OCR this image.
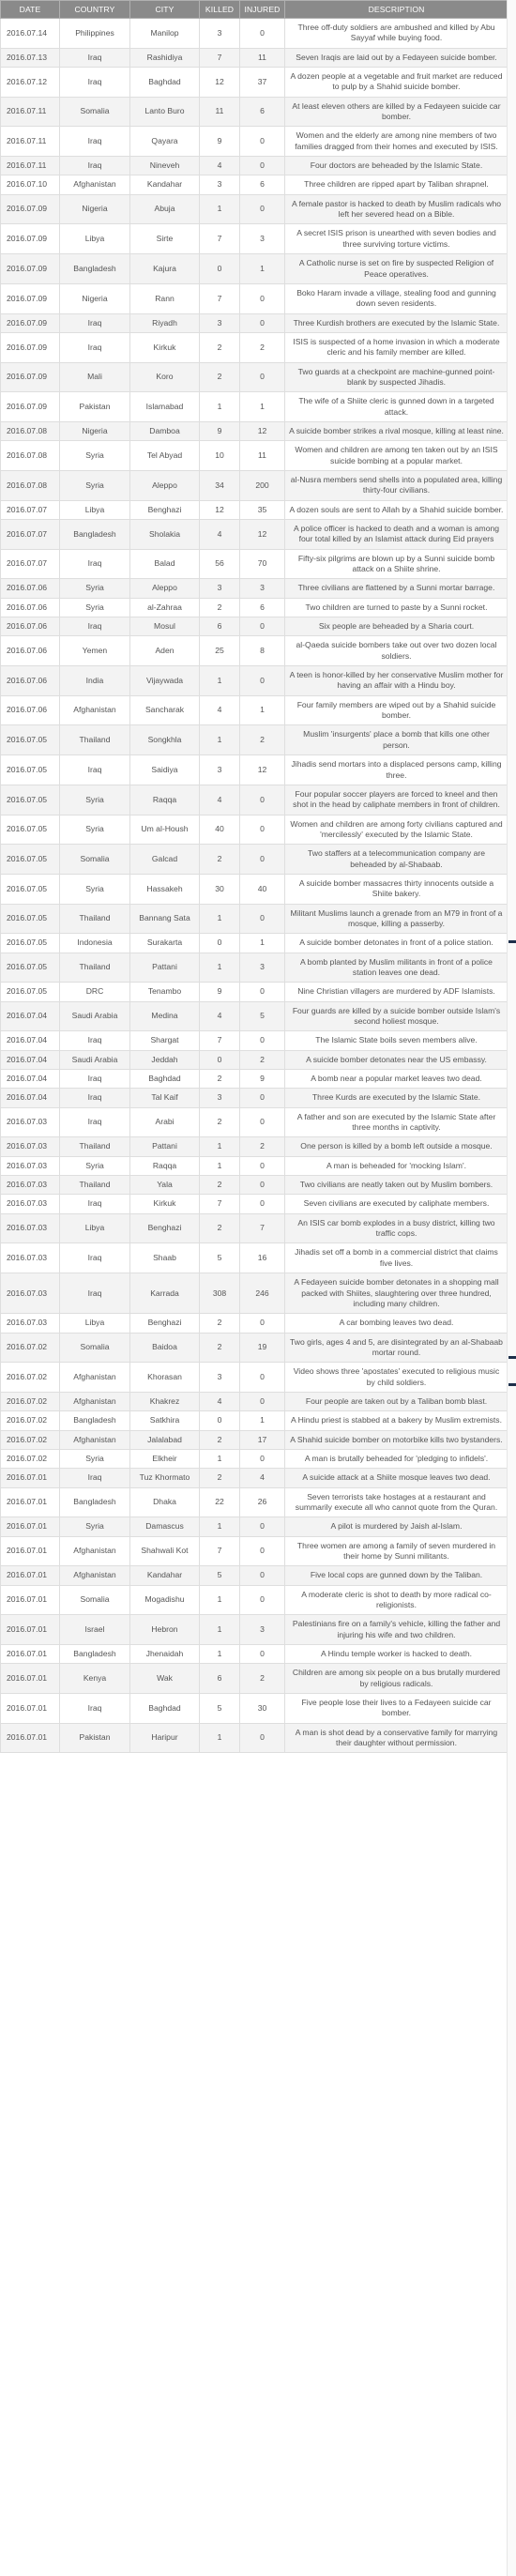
DATE	COUNTRY	CITY	KILLED	INJURED	DESCRIPTION
2016.07.14	Philippines	Manilop	3	0	Three off-duty soldiers are ambushed and killed by Abu Sayyaf while buying food.
2016.07.13	Iraq	Rashidiya	7	11	Seven Iraqis are laid out by a Fedayeen suicide bomber.
2016.07.12	Iraq	Baghdad	12	37	A dozen people at a vegetable and fruit market are reduced to pulp by a Shahid suicide bomber.
2016.07.11	Somalia	Lanto Buro	11	6	At least eleven others are killed by a Fedayeen suicide car bomber.
2016.07.11	Iraq	Qayara	9	0	Women and the elderly are among nine members of two families dragged from their homes and executed by ISIS.
2016.07.11	Iraq	Nineveh	4	0	Four doctors are beheaded by the Islamic State.
2016.07.10	Afghanistan	Kandahar	3	6	Three children are ripped apart by Taliban shrapnel.
2016.07.09	Nigeria	Abuja	1	0	A female pastor is hacked to death by Muslim radicals who left her severed head on a Bible.
2016.07.09	Libya	Sirte	7	3	A secret ISIS prison is unearthed with seven bodies and three surviving torture victims.
2016.07.09	Bangladesh	Kajura	0	1	A Catholic nurse is set on fire by suspected Religion of Peace operatives.
2016.07.09	Nigeria	Rann	7	0	Boko Haram invade a village, stealing food and gunning down seven residents.
2016.07.09	Iraq	Riyadh	3	0	Three Kurdish brothers are executed by the Islamic State.
2016.07.09	Iraq	Kirkuk	2	2	ISIS is suspected of a home invasion in which a moderate cleric and his family member are killed.
2016.07.09	Mali	Koro	2	0	Two guards at a checkpoint are machine-gunned point-blank by suspected Jihadis.
2016.07.09	Pakistan	Islamabad	1	1	The wife of a Shiite cleric is gunned down in a targeted attack.
2016.07.08	Nigeria	Damboa	9	12	A suicide bomber strikes a rival mosque, killing at least nine.
2016.07.08	Syria	Tel Abyad	10	11	Women and children are among ten taken out by an ISIS suicide bombing at a popular market.
2016.07.08	Syria	Aleppo	34	200	al-Nusra members send shells into a populated area, killing thirty-four civilians.
2016.07.07	Libya	Benghazi	12	35	A dozen souls are sent to Allah by a Shahid suicide bomber.
2016.07.07	Bangladesh	Sholakia	4	12	A police officer is hacked to death and a woman is among four total killed by an Islamist attack during Eid prayers
2016.07.07	Iraq	Balad	56	70	Fifty-six pilgrims are blown up by a Sunni suicide bomb attack on a Shiite shrine.
2016.07.06	Syria	Aleppo	3	3	Three civilians are flattened by a Sunni mortar barrage.
2016.07.06	Syria	al-Zahraa	2	6	Two children are turned to paste by a Sunni rocket.
2016.07.06	Iraq	Mosul	6	0	Six people are beheaded by a Sharia court.
2016.07.06	Yemen	Aden	25	8	al-Qaeda suicide bombers take out over two dozen local soldiers.
2016.07.06	India	Vijaywada	1	0	A teen is honor-killed by her conservative Muslim mother for having an affair with a Hindu boy.
2016.07.06	Afghanistan	Sancharak	4	1	Four family members are wiped out by a Shahid suicide bomber.
2016.07.05	Thailand	Songkhla	1	2	Muslim 'insurgents' place a bomb that kills one other person.
2016.07.05	Iraq	Saidiya	3	12	Jihadis send mortars into a displaced persons camp, killing three.
2016.07.05	Syria	Raqqa	4	0	Four popular soccer players are forced to kneel and then shot in the head by caliphate members in front of children.
2016.07.05	Syria	Um al-Housh	40	0	Women and children are among forty civilians captured and 'mercilessly' executed by the Islamic State.
2016.07.05	Somalia	Galcad	2	0	Two staffers at a telecommunication company are beheaded by al-Shabaab.
2016.07.05	Syria	Hassakeh	30	40	A suicide bomber massacres thirty innocents outside a Shiite bakery.
2016.07.05	Thailand	Bannang Sata	1	0	Militant Muslims launch a grenade from an M79 in front of a mosque, killing a passerby.
2016.07.05	Indonesia	Surakarta	0	1	A suicide bomber detonates in front of a police station.
2016.07.05	Thailand	Pattani	1	3	A bomb planted by Muslim militants in front of a police station leaves one dead.
2016.07.05	DRC	Tenambo	9	0	Nine Christian villagers are murdered by ADF Islamists.
2016.07.04	Saudi Arabia	Medina	4	5	Four guards are killed by a suicide bomber outside Islam's second holiest mosque.
2016.07.04	Iraq	Shargat	7	0	The Islamic State boils seven members alive.
2016.07.04	Saudi Arabia	Jeddah	0	2	A suicide bomber detonates near the US embassy.
2016.07.04	Iraq	Baghdad	2	9	A bomb near a popular market leaves two dead.
2016.07.04	Iraq	Tal Kaif	3	0	Three Kurds are executed by the Islamic State.
2016.07.03	Iraq	Arabi	2	0	A father and son are executed by the Islamic State after three months in captivity.
2016.07.03	Thailand	Pattani	1	2	One person is killed by a bomb left outside a mosque.
2016.07.03	Syria	Raqqa	1	0	A man is beheaded for 'mocking Islam'.
2016.07.03	Thailand	Yala	2	0	Two civilians are neatly taken out by Muslim bombers.
2016.07.03	Iraq	Kirkuk	7	0	Seven civilians are executed by caliphate members.
2016.07.03	Libya	Benghazi	2	7	An ISIS car bomb explodes in a busy district, killing two traffic cops.
2016.07.03	Iraq	Shaab	5	16	Jihadis set off a bomb in a commercial district that claims five lives.
2016.07.03	Iraq	Karrada	308	246	A Fedayeen suicide bomber detonates in a shopping mall packed with Shiites, slaughtering over three hundred, including many children.
2016.07.03	Libya	Benghazi	2	0	A car bombing leaves two dead.
2016.07.02	Somalia	Baidoa	2	19	Two girls, ages 4 and 5, are disintegrated by an al-Shabaab mortar round.
2016.07.02	Afghanistan	Khorasan	3	0	Video shows three 'apostates' executed to religious music by child soldiers.
2016.07.02	Afghanistan	Khakrez	4	0	Four people are taken out by a Taliban bomb blast.
2016.07.02	Bangladesh	Satkhira	0	1	A Hindu priest is stabbed at a bakery by Muslim extremists.
2016.07.02	Afghanistan	Jalalabad	2	17	A Shahid suicide bomber on motorbike kills two bystanders.
2016.07.02	Syria	Elkheir	1	0	A man is brutally beheaded for 'pledging to infidels'.
2016.07.01	Iraq	Tuz Khormato	2	4	A suicide attack at a Shiite mosque leaves two dead.
2016.07.01	Bangladesh	Dhaka	22	26	Seven terrorists take hostages at a restaurant and summarily execute all who cannot quote from the Quran.
2016.07.01	Syria	Damascus	1	0	A pilot is murdered by Jaish al-Islam.
2016.07.01	Afghanistan	Shahwali Kot	7	0	Three women are among a family of seven murdered in their home by Sunni militants.
2016.07.01	Afghanistan	Kandahar	5	0	Five local cops are gunned down by the Taliban.
2016.07.01	Somalia	Mogadishu	1	0	A moderate cleric is shot to death by more radical co-religionists.
2016.07.01	Israel	Hebron	1	3	Palestinians fire on a family's vehicle, killing the father and injuring his wife and two children.
2016.07.01	Bangladesh	Jhenaidah	1	0	A Hindu temple worker is hacked to death.
2016.07.01	Kenya	Wak	6	2	Children are among six people on a bus brutally murdered by religious radicals.
2016.07.01	Iraq	Baghdad	5	30	Five people lose their lives to a Fedayeen suicide car bomber.
2016.07.01	Pakistan	Haripur	1	0	A man is shot dead by a conservative family for marrying their daughter without permission.
